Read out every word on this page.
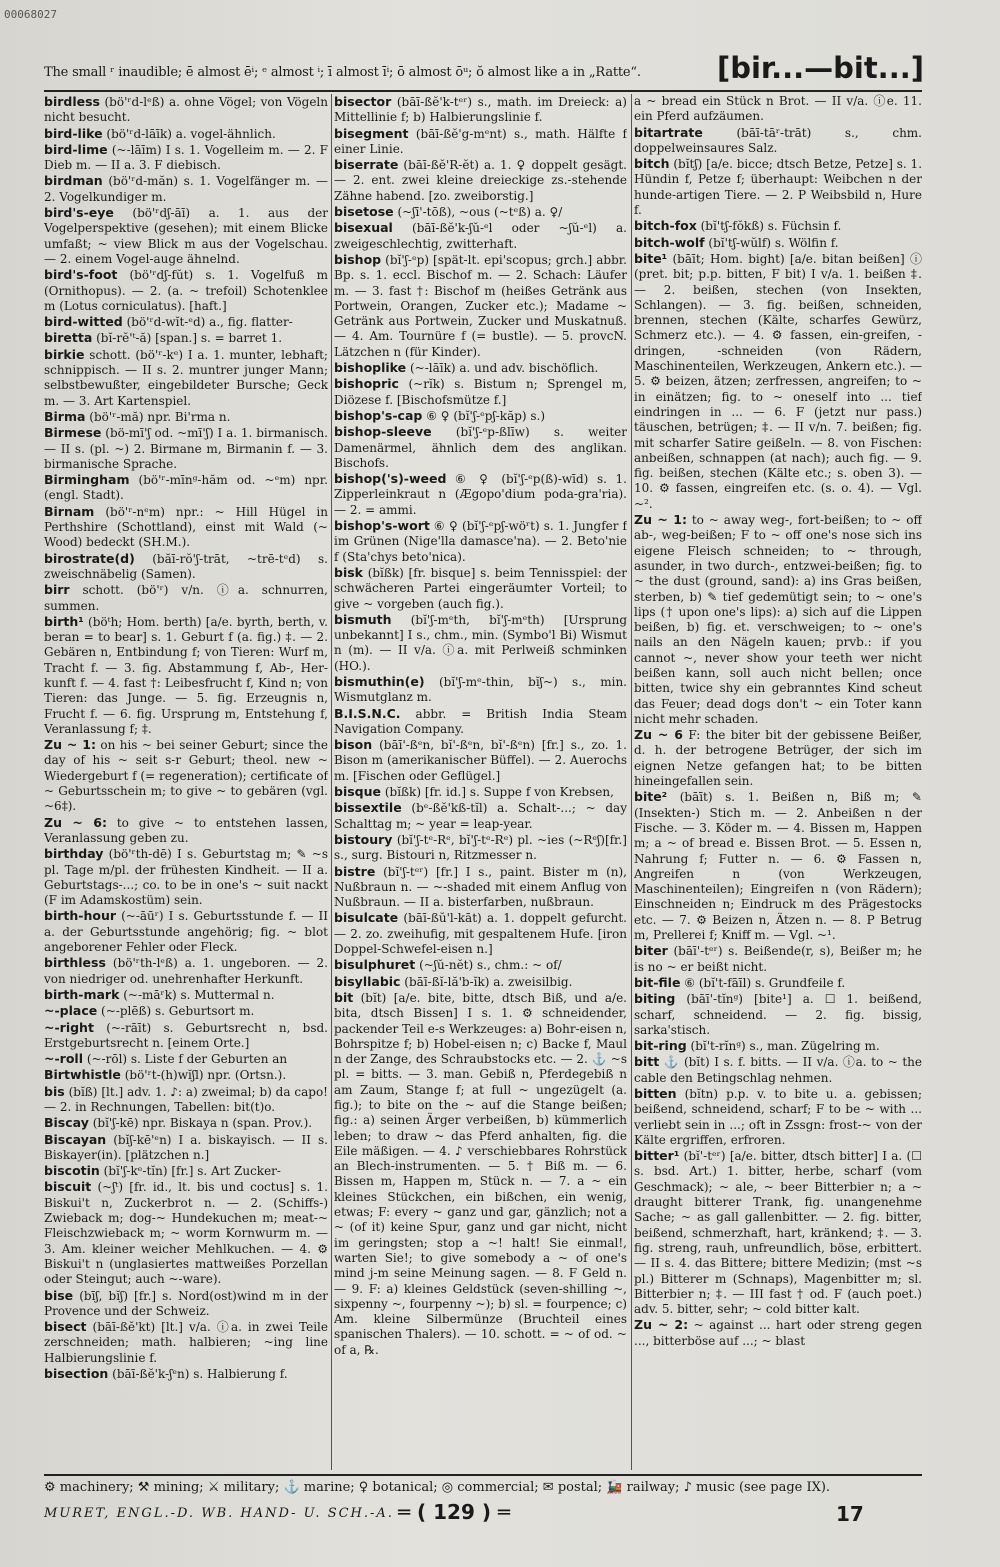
00068027
The small ʳ inaudible; ē almost ēⁱ; ᵉ almost ⁱ; ī almost īⁱ; ō almost ōᵘ; ŏ almost like a in „Ratte“.	[bir...—bit...]
birdless (bö'ʳd-lᵉß) a. ohne Vögel; von Vögeln nicht besucht.
bird-like (bö'ʳd-lāīk) a. vogel-ähnlich.
bird-lime (~-lāīm) I s. 1. Vogelleim m. — 2. F Dieb m. — II a. 3. F diebisch.
birdman (bö'ʳd-măn) s. 1. Vogelfänger m. — 2. Vogelkundiger m.
bird's-eye (bö'ʳdʃ-āī) a. 1. aus der Vogelperspektive (gesehen); mit einem Blicke umfaßt; ~ view Blick m aus der Vogelschau. — 2. einem Vogel-auge ähnelnd.
bird's-foot (bö'ʳdʃ-fŭt) s. 1. Vogelfuß m (Ornithopus). — 2. (a. ~ trefoil) Schotenklee m (Lotus corniculatus). [haft.]
bird-witted (bö'ʳd-wĭt-ᵉd) a., fig. flatter-
biretta (bĭ-rĕ'ᵗ-ă) [span.] s. = barret 1.
birkie schott. (bö'ʳ-kᵉ) I a. 1. munter, lebhaft; schnippisch. — II s. 2. muntrer junger Mann; selbstbewußter, eingebildeter Bursche; Geck m. — 3. Art Kartenspiel.
Birma (bö'ʳ-mă) npr. Bi'rma n.
Birmese (bö-mī'ʃ od. ~mī'ʃ) I a. 1. birmanisch. — II s. (pl. ~) 2. Birmane m, Birmanin f. — 3. birmanische Sprache.
Birmingham (bö'ʳ-mīnᵍ-hăm od. ~ᵉm) npr. (engl. Stadt).
Birnam (bö'ʳ-nᵉm) npr.: ~ Hill Hügel in Perthshire (Schottland), einst mit Wald (~ Wood) bedeckt (SH.M.).
birostrate(d) (băī-rŏ'ʃ-trāt, ~trē-tᵉd) s. zweischnäbelig (Samen).
birr schott. (bö'ʳ) v/n. ⓘa. schnurren, summen.
birth¹ (böᵗh; Hom. berth) [a/e. byrth, berth, v. beran = to bear] s. 1. Geburt f (a. fig.) ‡. — 2. Gebären n, Entbindung f; von Tieren: Wurf m, Tracht f. — 3. fig. Abstammung f, Ab-, Her-kunft f. — 4. fast †: Leibesfrucht f, Kind n; von Tieren: das Junge. — 5. fig. Erzeugnis n, Frucht f. — 6. fig. Ursprung m, Entstehung f, Veranlassung f; ‡.
Zu ~ 1: on his ~ bei seiner Geburt; since the day of his ~ seit s-r Geburt; theol. new ~ Wiedergeburt f (= regeneration); certificate of ~ Geburtsschein m; to give ~ to gebären (vgl. ~6‡).
Zu ~ 6: to give ~ to entstehen lassen, Veranlassung geben zu.
birthday (bö'ʳth-dē) I s. Geburtstag m; ✎ ~s pl. Tage m/pl. der frühesten Kindheit. — II a. Geburtstags-...; co. to be in one's ~ suit nackt (F im Adamskostüm) sein.
birth-hour (~-āūʳ) I s. Geburtsstunde f. — II a. der Geburtsstunde angehörig; fig. ~ blot angeborener Fehler oder Fleck.
birthless (bö'ʳth-lᵉß) a. 1. ungeboren. — 2. von niedriger od. unehrenhafter Herkunft.
birth-mark (~-māʳk) s. Muttermal n.
~-place (~-plēß) s. Geburtsort m.
~-right (~-rāīt) s. Geburtsrecht n, bsd. Erstgeburtsrecht n. [einem Orte.]
~-roll (~-rōl) s. Liste f der Geburten an
Birtwhistle (bö'ʳt-(h)wĭʃl) npr. (Ortsn.).
bis (bĭß) [lt.] adv. 1. ♪: a) zweimal; b) da capo! — 2. in Rechnungen, Tabellen: bit(t)o.
Biscay (bĭ'ʃ-kē) npr. Biskaya n (span. Prov.).
Biscayan (bĭʃ-kē'ᵉn) I a. biskayisch. — II s. Biskayer(in). [plätzchen n.]
biscotin (bĭ'ʃ-kᵉ-tĭn) [fr.] s. Art Zucker-
biscuit (~ʃᵗ) [fr. id., lt. bis und coctus] s. 1. Biskui't n, Zuckerbrot n. — 2. (Schiffs-) Zwieback m; dog-~ Hundekuchen m; meat-~ Fleischzwieback m; ~ worm Kornwurm m. — 3. Am. kleiner weicher Mehlkuchen. — 4. ⚙ Biskui't n (unglasiertes mattweißes Porzellan oder Steingut; auch ~-ware).
bise (bīʃ, bĭʃ) [fr.] s. Nord(ost)wind m in der Provence und der Schweiz.
bisect (bāī-ßĕ'kt) [lt.] v/a. ⓘa. in zwei Teile zerschneiden; math. halbieren; ~ing line Halbierungslinie f.
bisection (bāī-ßĕ'k-ʃᵉn) s. Halbierung f.
bisector (bāī-ßĕ'k-tᵉʳ) s., math. im Dreieck: a) Mittellinie f; b) Halbierungslinie f.
bisegment (bāī-ßĕ'g-mᵉnt) s., math. Hälfte f einer Linie.
biserrate (bāī-ßĕ'R-ĕt) a. 1. ♀ doppelt gesägt. — 2. ent. zwei kleine dreieckige zs.-stehende Zähne habend. [zo. zweiborstig.]
bisetose (~ʃī'-tōß), ~ous (~tᵉß) a. ♀/
bisexual (bāī-ßĕ'k-ʃŭ-ᵉl oder ~ʃŭ-ᵉl) a. zweigeschlechtig, zwitterhaft.
bishop (bĭ'ʃ-ᵉp) [spät-lt. epi'scopus; grch.] abbr. Bp. s. 1. eccl. Bischof m. — 2. Schach: Läufer m. — 3. fast †: Bischof m (heißes Getränk aus Portwein, Orangen, Zucker etc.); Madame ~ Getränk aus Portwein, Zucker und Muskatnuß. — 4. Am. Tournüre f (= bustle). — 5. provcN. Lätzchen n (für Kinder).
bishoplike (~-lāīk) a. und adv. bischöflich.
bishopric (~rĭk) s. Bistum n; Sprengel m, Diözese f. [Bischofsmütze f.]
bishop's-cap ⑥ ♀ (bĭ'ʃ-ᵉpʃ-kăp) s.)
bishop-sleeve (bĭ'ʃ-ᵉp-ßlīw) s. weiter Damenärmel, ähnlich dem des anglikan. Bischofs.
bishop('s)-weed ⑥ ♀ (bĭ'ʃ-ᵉp(ß)-wīd) s. 1. Zipperleinkraut n (Ægopo'dium poda-gra'ria). — 2. = ammi.
bishop's-wort ⑥ ♀ (bĭ'ʃ-ᵉpʃ-wöʳt) s. 1. Jungfer f im Grünen (Nige'lla damasce'na). — 2. Beto'nie f (Sta'chys beto'nica).
bisk (bĭßk) [fr. bisque] s. beim Tennisspiel: der schwächeren Partei eingeräumter Vorteil; to give ~ vorgeben (auch fig.).
bismuth (bĭ'ʃ-mᵉth, bĭ'ʃ-mᵉth) [Ursprung unbekannt] I s., chm., min. (Symbo'l Bi) Wismut n (m). — II v/a. ⓘa. mit Perlweiß schminken (HO.).
bismuthin(e) (bĭ'ʃ-mᵉ-thin, bĭʃ~) s., min. Wismutglanz m.
B.I.S.N.C. abbr. = British India Steam Navigation Company.
bison (bāī'-ßᵉn, bĭ'-ßᵉn, bĭ'-ßᵉn) [fr.] s., zo. 1. Bison m (amerikanischer Büffel). — 2. Auerochs m. [Fischen oder Geflügel.]
bisque (bĭßk) [fr. id.] s. Suppe f von Krebsen,
bissextile (bᵉ-ßĕ'kß-tĭl) a. Schalt-...; ~ day Schalttag m; ~ year = leap-year.
bistoury (bĭ'ʃ-tᵉ-Rᵉ, bĭ'ʃ-tᵉ-Rᵉ) pl. ~ies (~Rᵉʃ)[fr.] s., surg. Bistouri n, Ritzmesser n.
bistre (bĭ'ʃ-tᵉʳ) [fr.] I s., paint. Bister m (n), Nußbraun n. — ~-shaded mit einem Anflug von Nußbraun. — II a. bisterfarben, nußbraun.
bisulcate (bāī-ßŭ'l-kāt) a. 1. doppelt gefurcht. — 2. zo. zweihufig, mit gespaltenem Hufe. [iron Doppel-Schwefel-eisen n.]
bisulphuret (~ʃŭ-nĕt) s., chm.: ~ of/
bisyllabic (bāī-ßĭ-lă'b-ĭk) a. zweisilbig.
bit (bĭt) [a/e. bite, bitte, dtsch Biß, und a/e. bita, dtsch Bissen] I s. 1. ⚙ schneidender, packender Teil e-s Werkzeuges: a) Bohr-eisen n, Bohrspitze f; b) Hobel-eisen n; c) Backe f, Maul n der Zange, des Schraubstocks etc. — 2. ⚓ ~s pl. = bitts. — 3. man. Gebiß n, Pferdegebiß n am Zaum, Stange f; at full ~ ungezügelt (a. fig.); to bite on the ~ auf die Stange beißen; fig.: a) seinen Ärger verbeißen, b) kümmerlich leben; to draw ~ das Pferd anhalten, fig. die Eile mäßigen. — 4. ♪ verschiebbares Rohrstück an Blech-instrumenten. — 5. † Biß m. — 6. Bissen m, Happen m, Stück n. — 7. a ~ ein kleines Stückchen, ein bißchen, ein wenig, etwas; F: every ~ ganz und gar, gänzlich; not a ~ (of it) keine Spur, ganz und gar nicht, nicht im geringsten; stop a ~! halt! Sie einmal!, warten Sie!; to give somebody a ~ of one's mind j-m seine Meinung sagen. — 8. F Geld n. — 9. F: a) kleines Geldstück (seven-shilling ~, sixpenny ~, fourpenny ~); b) sl. = fourpence; c) Am. kleine Silbermünze (Bruchteil eines spanischen Thalers). — 10. schott. = ~ of od. ~ of a, ℞.
a ~ bread ein Stück n Brot. — II v/a. ⓘe. 11. ein Pferd aufzäumen.
bitartrate	(bāī-tāʳ-trāt) s., chm. doppelweinsaures Salz.
bitch (bĭtʃ) [a/e. bicce; dtsch Betze, Petze] s. 1. Hündin f, Petze f; überhaupt: Weibchen n der hunde-artigen Tiere. — 2. P Weibsbild n, Hure f.
bitch-fox (bĭ'tʃ-fŏkß) s. Füchsin f.
bitch-wolf (bĭ'tʃ-wŭlf) s. Wölfin f.
bite¹ (bāīt; Hom. bight) [a/e. bitan beißen] ⓘ (pret. bit; p.p. bitten, F bit) I v/a. 1. beißen ‡. — 2. beißen, stechen (von Insekten, Schlangen). — 3. fig. beißen, schneiden, brennen, stechen (Kälte, scharfes Gewürz, Schmerz etc.). — 4. ⚙ fassen, ein-greifen, -dringen, -schneiden (von Rädern, Maschinenteilen, Werkzeugen, Ankern etc.). — 5. ⚙ beizen, ätzen; zerfressen, angreifen; to ~ in einätzen; fig. to ~ oneself into ... tief eindringen in ... — 6. F (jetzt nur pass.) täuschen, betrügen; ‡. — II v/n. 7. beißen; fig. mit scharfer Satire geißeln. — 8. von Fischen: anbeißen, schnappen (at nach); auch fig. — 9. fig. beißen, stechen (Kälte etc.; s. oben 3). — 10. ⚙ fassen, eingreifen etc. (s. o. 4). — Vgl. ~².
Zu ~ 1: to ~ away weg-, fort-beißen; to ~ off ab-, weg-beißen; F to ~ off one's nose sich ins eigene Fleisch schneiden; to ~ through, asunder, in two durch-, entzwei-beißen; fig. to ~ the dust (ground, sand): a) ins Gras beißen, sterben, b) ✎ tief gedemütigt sein; to ~ one's lips († upon one's lips): a) sich auf die Lippen beißen, b) fig. et. verschweigen; to ~ one's nails an den Nägeln kauen; prvb.: if you cannot ~, never show your teeth wer nicht beißen kann, soll auch nicht bellen; once bitten, twice shy ein gebranntes Kind scheut das Feuer; dead dogs don't ~ ein Toter kann nicht mehr schaden.
Zu ~ 6 F: the biter bit der gebissene Beißer, d. h. der betrogene Betrüger, der sich im eignen Netze gefangen hat; to be bitten hineingefallen sein.
bite² (bāīt) s. 1. Beißen n, Biß m; ✎ (Insekten-) Stich m. — 2. Anbeißen n der Fische. — 3. Köder m. — 4. Bissen m, Happen m; a ~ of bread e. Bissen Brot. — 5. Essen n, Nahrung f; Futter n. — 6. ⚙ Fassen n, Angreifen n (von Werkzeugen, Maschinenteilen); Eingreifen n (von Rädern); Einschneiden n; Eindruck m des Prägestocks etc. — 7. ⚙ Beizen n, Ätzen n. — 8. P Betrug m, Prellerei f; Kniff m. — Vgl. ~¹.
biter (bāī'-tᵉʳ) s. Beißende(r, s), Beißer m; he is no ~ er beißt nicht.
bit-file ⑥ (bĭ't-fāīl) s. Grundfeile f.
biting (bāī'-tĭnᵍ) [bite¹] a. ☐ 1. beißend, scharf, schneidend. — 2. fig. bissig, sarka'stisch.
bit-ring (bĭ't-rĭnᵍ) s., man. Zügelring m.
bitt ⚓ (bĭt) I s. f. bitts. — II v/a. ⓘa. to ~ the cable den Betingschlag nehmen.
bitten (bĭtn) p.p. v. to bite u. a. gebissen; beißend, schneidend, scharf; F to be ~ with ... verliebt sein in ...; oft in Zssgn: frost-~ von der Kälte ergriffen, erfroren.
bitter¹ (bĭ'-tᵉʳ) [a/e. bitter, dtsch bitter] I a. (☐ s. bsd. Art.) 1. bitter, herbe, scharf (vom Geschmack); ~ ale, ~ beer Bitterbier n; a ~ draught bitterer Trank, fig. unangenehme Sache; ~ as gall gallenbitter. — 2. fig. bitter, beißend, schmerzhaft, hart, kränkend; ‡. — 3. fig. streng, rauh, unfreundlich, böse, erbittert. — II s. 4. das Bittere; bittere Medizin; (mst ~s pl.) Bitterer m (Schnaps), Magenbitter m; sl. Bitterbier n; ‡. — III fast † od. F (auch poet.) adv. 5. bitter, sehr; ~ cold bitter kalt.
Zu ~ 2: ~ against ... hart oder streng gegen ..., bitterböse auf ...; ~ blast
⚙ machinery; ⚒ mining; ⚔ military; ⚓ marine; ♀ botanical; ◎ commercial; ✉ postal; 🚂 railway; ♪ music (see page IX).
MURET, ENGL.-D. WB. HAND- U. SCH.-A. ═ ( 129 ) ═	17
